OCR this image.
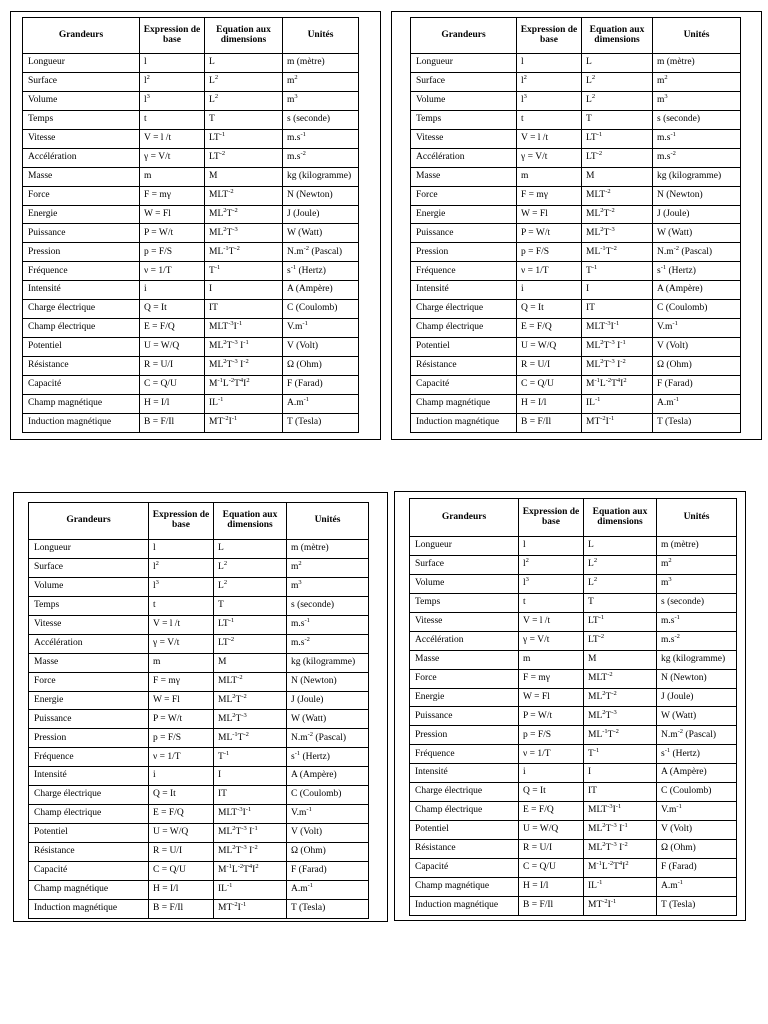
Grandeurs	Expression de base	Equation aux dimensions	Unités
Longueur	l	L	m (mètre)
Surface	$l^2$	$L^2$	$m^2$
Volume	$l^3$	$L^2$	$m^3$
Temps	t	T	s (seconde)
Vitesse	V = l /t	$LT^{-1}$	$m.s^{-1}$
Accélération	γ = V/t	$LT^{-2}$	$m.s^{-2}$
Masse	m	M	kg (kilogramme)
Force	F = mγ	$MLT^{-2}$	N (Newton)
Energie	W = Fl	$ML^2T^{-2}$	J (Joule)
Puissance	P = W/t	$ML^2T^{-3}$	W (Watt)
Pression	p = F/S	$ML^{-1}T^{-2}$	$N.m^{-2}$ (Pascal)
Fréquence	ν = 1/T	$T^{-1}$	$s^{-1}$ (Hertz)
Intensité	i	I	A (Ampère)
Charge électrique	Q = It	IT	C (Coulomb)
Champ électrique	E = F/Q	$MLT^{-3}I^{-1}$	$V.m^{-1}$
Potentiel	U = W/Q	$ML^2T^{-3}$ $I^{-1}$	V (Volt)
Résistance	R = U/I	$ML^2T^{-3}$ $I^{-2}$	Ω (Ohm)
Capacité	C = Q/U	$M^{-1}L^{-2}T^4I^2$	F (Farad)
Champ magnétique	H = I/l	$IL^{-1}$	$A.m^{-1}$
Induction magnétique	B = F/Il	$MT^{-2}I^{-1}$	T (Tesla)
Grandeurs	Expression de base	Equation aux dimensions	Unités
Longueur	l	L	m (mètre)
Surface	$l^2$	$L^2$	$m^2$
Volume	$l^3$	$L^2$	$m^3$
Temps	t	T	s (seconde)
Vitesse	V = l /t	$LT^{-1}$	$m.s^{-1}$
Accélération	γ = V/t	$LT^{-2}$	$m.s^{-2}$
Masse	m	M	kg (kilogramme)
Force	F = mγ	$MLT^{-2}$	N (Newton)
Energie	W = Fl	$ML^2T^{-2}$	J (Joule)
Puissance	P = W/t	$ML^2T^{-3}$	W (Watt)
Pression	p = F/S	$ML^{-1}T^{-2}$	$N.m^{-2}$ (Pascal)
Fréquence	ν = 1/T	$T^{-1}$	$s^{-1}$ (Hertz)
Intensité	i	I	A (Ampère)
Charge électrique	Q = It	IT	C (Coulomb)
Champ électrique	E = F/Q	$MLT^{-3}I^{-1}$	$V.m^{-1}$
Potentiel	U = W/Q	$ML^2T^{-3}$ $I^{-1}$	V (Volt)
Résistance	R = U/I	$ML^2T^{-3}$ $I^{-2}$	Ω (Ohm)
Capacité	C = Q/U	$M^{-1}L^{-2}T^4I^2$	F (Farad)
Champ magnétique	H = I/l	$IL^{-1}$	$A.m^{-1}$
Induction magnétique	B = F/Il	$MT^{-2}I^{-1}$	T (Tesla)
Grandeurs	Expression de base	Equation aux dimensions	Unités
Longueur	l	L	m (mètre)
Surface	$l^2$	$L^2$	$m^2$
Volume	$l^3$	$L^2$	$m^3$
Temps	t	T	s (seconde)
Vitesse	V = l /t	$LT^{-1}$	$m.s^{-1}$
Accélération	γ = V/t	$LT^{-2}$	$m.s^{-2}$
Masse	m	M	kg (kilogramme)
Force	F = mγ	$MLT^{-2}$	N (Newton)
Energie	W = Fl	$ML^2T^{-2}$	J (Joule)
Puissance	P = W/t	$ML^2T^{-3}$	W (Watt)
Pression	p = F/S	$ML^{-1}T^{-2}$	$N.m^{-2}$ (Pascal)
Fréquence	ν = 1/T	$T^{-1}$	$s^{-1}$ (Hertz)
Intensité	i	I	A (Ampère)
Charge électrique	Q = It	IT	C (Coulomb)
Champ électrique	E = F/Q	$MLT^{-3}I^{-1}$	$V.m^{-1}$
Potentiel	U = W/Q	$ML^2T^{-3}$ $I^{-1}$	V (Volt)
Résistance	R = U/I	$ML^2T^{-3}$ $I^{-2}$	Ω (Ohm)
Capacité	C = Q/U	$M^{-1}L^{-2}T^4I^2$	F (Farad)
Champ magnétique	H = I/l	$IL^{-1}$	$A.m^{-1}$
Induction magnétique	B = F/Il	$MT^{-2}I^{-1}$	T (Tesla)
Grandeurs	Expression de base	Equation aux dimensions	Unités
Longueur	l	L	m (mètre)
Surface	$l^2$	$L^2$	$m^2$
Volume	$l^3$	$L^2$	$m^3$
Temps	t	T	s (seconde)
Vitesse	V = l /t	$LT^{-1}$	$m.s^{-1}$
Accélération	γ = V/t	$LT^{-2}$	$m.s^{-2}$
Masse	m	M	kg (kilogramme)
Force	F = mγ	$MLT^{-2}$	N (Newton)
Energie	W = Fl	$ML^2T^{-2}$	J (Joule)
Puissance	P = W/t	$ML^2T^{-3}$	W (Watt)
Pression	p = F/S	$ML^{-1}T^{-2}$	$N.m^{-2}$ (Pascal)
Fréquence	ν = 1/T	$T^{-1}$	$s^{-1}$ (Hertz)
Intensité	i	I	A (Ampère)
Charge électrique	Q = It	IT	C (Coulomb)
Champ électrique	E = F/Q	$MLT^{-3}I^{-1}$	$V.m^{-1}$
Potentiel	U = W/Q	$ML^2T^{-3}$ $I^{-1}$	V (Volt)
Résistance	R = U/I	$ML^2T^{-3}$ $I^{-2}$	Ω (Ohm)
Capacité	C = Q/U	$M^{-1}L^{-2}T^4I^2$	F (Farad)
Champ magnétique	H = I/l	$IL^{-1}$	$A.m^{-1}$
Induction magnétique	B = F/Il	$MT^{-2}I^{-1}$	T (Tesla)
